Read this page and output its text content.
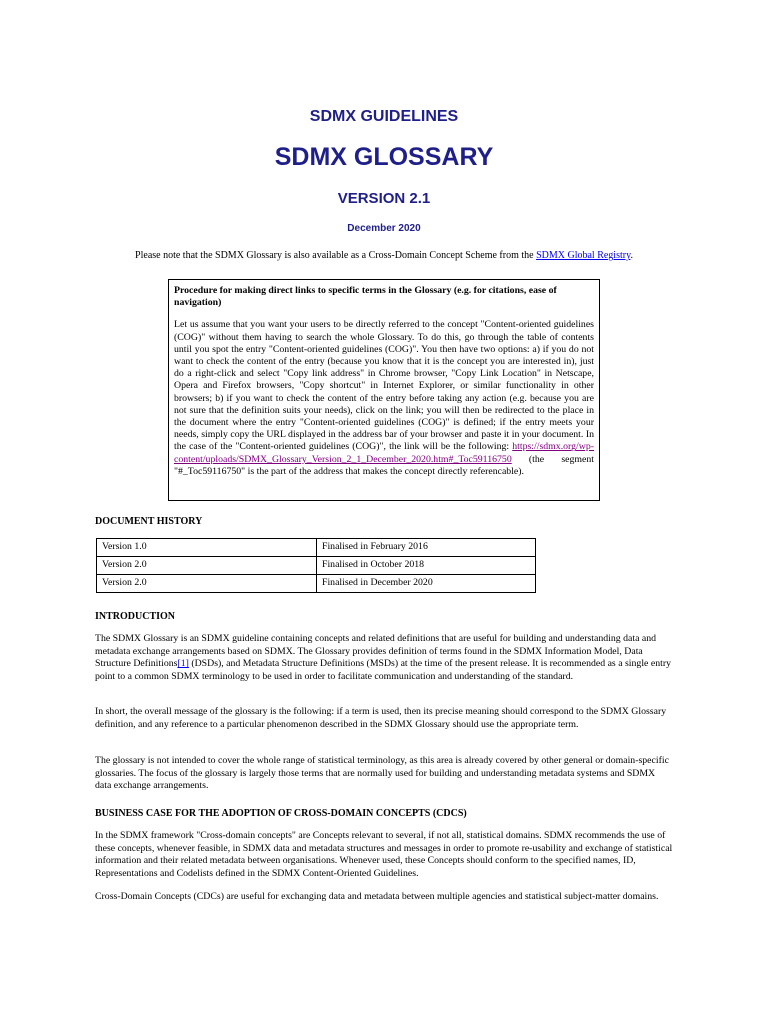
SDMX GUIDELINES
SDMX GLOSSARY
VERSION 2.1
December 2020
Please note that the SDMX Glossary is also available as a Cross-Domain Concept Scheme from the SDMX Global Registry.

Procedure for making direct links to specific terms in the Glossary (e.g. for citations, ease of navigation)

Let us assume that you want your users to be directly referred to the concept "Content-oriented guidelines (COG)" without them having to search the whole Glossary. To do this, go through the table of contents until you spot the entry "Content-oriented guidelines (COG)". You then have two options: a) if you do not want to check the content of the entry (because you know that it is the concept you are interested in), just do a right-click and select "Copy link address" in Chrome browser, "Copy Link Location" in Netscape, Opera and Firefox browsers, "Copy shortcut" in Internet Explorer, or similar functionality in other browsers; b) if you want to check the content of the entry before taking any action (e.g. because you are not sure that the definition suits your needs), click on the link; you will then be redirected to the place in the document where the entry "Content-oriented guidelines (COG)" is defined; if the entry meets your needs, simply copy the URL displayed in the address bar of your browser and paste it in your document. In the case of the "Content-oriented guidelines (COG)", the link will be the following: https://sdmx.org/wp-content/uploads/SDMX_Glossary_Version_2_1_December_2020.htm#_Toc59116750 (the segment "#_Toc59116750" is the part of the address that makes the concept directly referencable).

DOCUMENT HISTORY
Version 1.0	Finalised in February 2016
Version 2.0	Finalised in October 2018
Version 2.0	Finalised in December 2020
INTRODUCTION

The SDMX Glossary is an SDMX guideline containing concepts and related definitions that are useful for building and understanding data and metadata exchange arrangements based on SDMX. The Glossary provides definition of terms found in the SDMX Information Model, Data Structure Definitions[1] (DSDs), and Metadata Structure Definitions (MSDs) at the time of the present release. It is recommended as a single entry point to a common SDMX terminology to be used in order to facilitate communication and understanding of the standard.

In short, the overall message of the glossary is the following: if a term is used, then its precise meaning should correspond to the SDMX Glossary definition, and any reference to a particular phenomenon described in the SDMX Glossary should use the appropriate term.

The glossary is not intended to cover the whole range of statistical terminology, as this area is already covered by other general or domain-specific glossaries. The focus of the glossary is largely those terms that are normally used for building and understanding metadata systems and SDMX data exchange arrangements.

BUSINESS CASE FOR THE ADOPTION OF CROSS-DOMAIN CONCEPTS (CDCS)

In the SDMX framework "Cross-domain concepts" are Concepts relevant to several, if not all, statistical domains. SDMX recommends the use of these concepts, whenever feasible, in SDMX data and metadata structures and messages in order to promote re-usability and exchange of statistical information and their related metadata between organisations. Whenever used, these Concepts should conform to the specified names, ID, Representations and Codelists defined in the SDMX Content-Oriented Guidelines.

Cross-Domain Concepts (CDCs) are useful for exchanging data and metadata between multiple agencies and statistical subject-matter domains.
